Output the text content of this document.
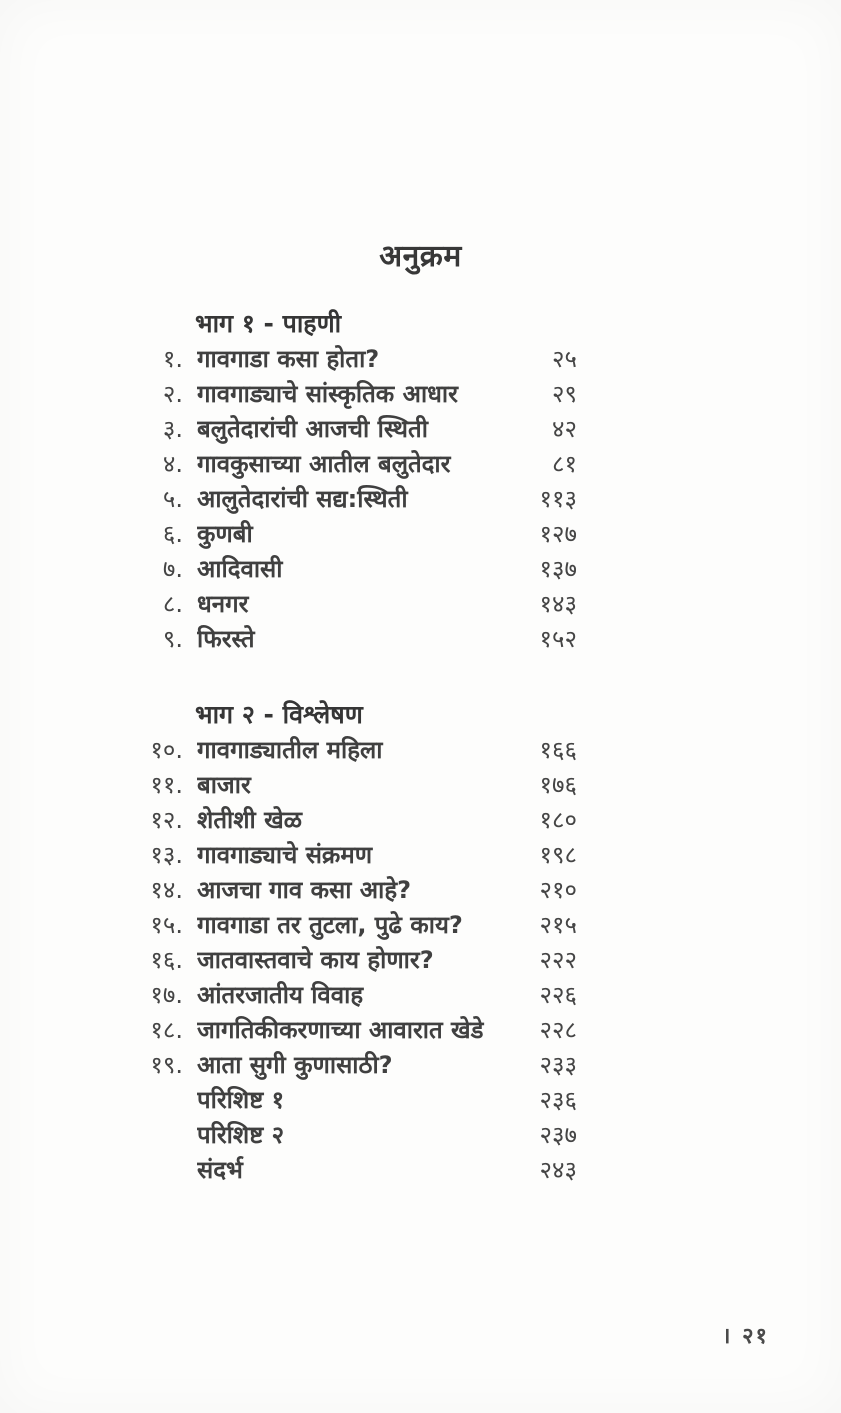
अनुक्रम
भाग १ - पाहणी
१. गावगाडा कसा होता?	२५
२. गावगाड्याचे सांस्कृतिक आधार	२९
३. बलुतेदारांची आजची स्थिती	४२
४. गावकुसाच्या आतील बलुतेदार	८१
५. आलुतेदारांची सद्य:स्थिती	११३
६. कुणबी	१२७
७. आदिवासी	१३७
८. धनगर	१४३
९. फिरस्ते	१५२
भाग २ - विश्लेषण
१०. गावगाड्यातील महिला	१६६
११. बाजार	१७६
१२. शेतीशी खेळ	१८०
१३. गावगाड्याचे संक्रमण	१९८
१४. आजचा गाव कसा आहे?	२१०
१५. गावगाडा तर तुटला, पुढे काय?	२१५
१६. जातवास्तवाचे काय होणार?	२२२
१७. आंतरजातीय विवाह	२२६
१८. जागतिकीकरणाच्या आवारात खेडे	२२८
१९. आता सुगी कुणासाठी?	२३३
परिशिष्ट १	२३६
परिशिष्ट २	२३७
संदर्भ	२४३
। २१
